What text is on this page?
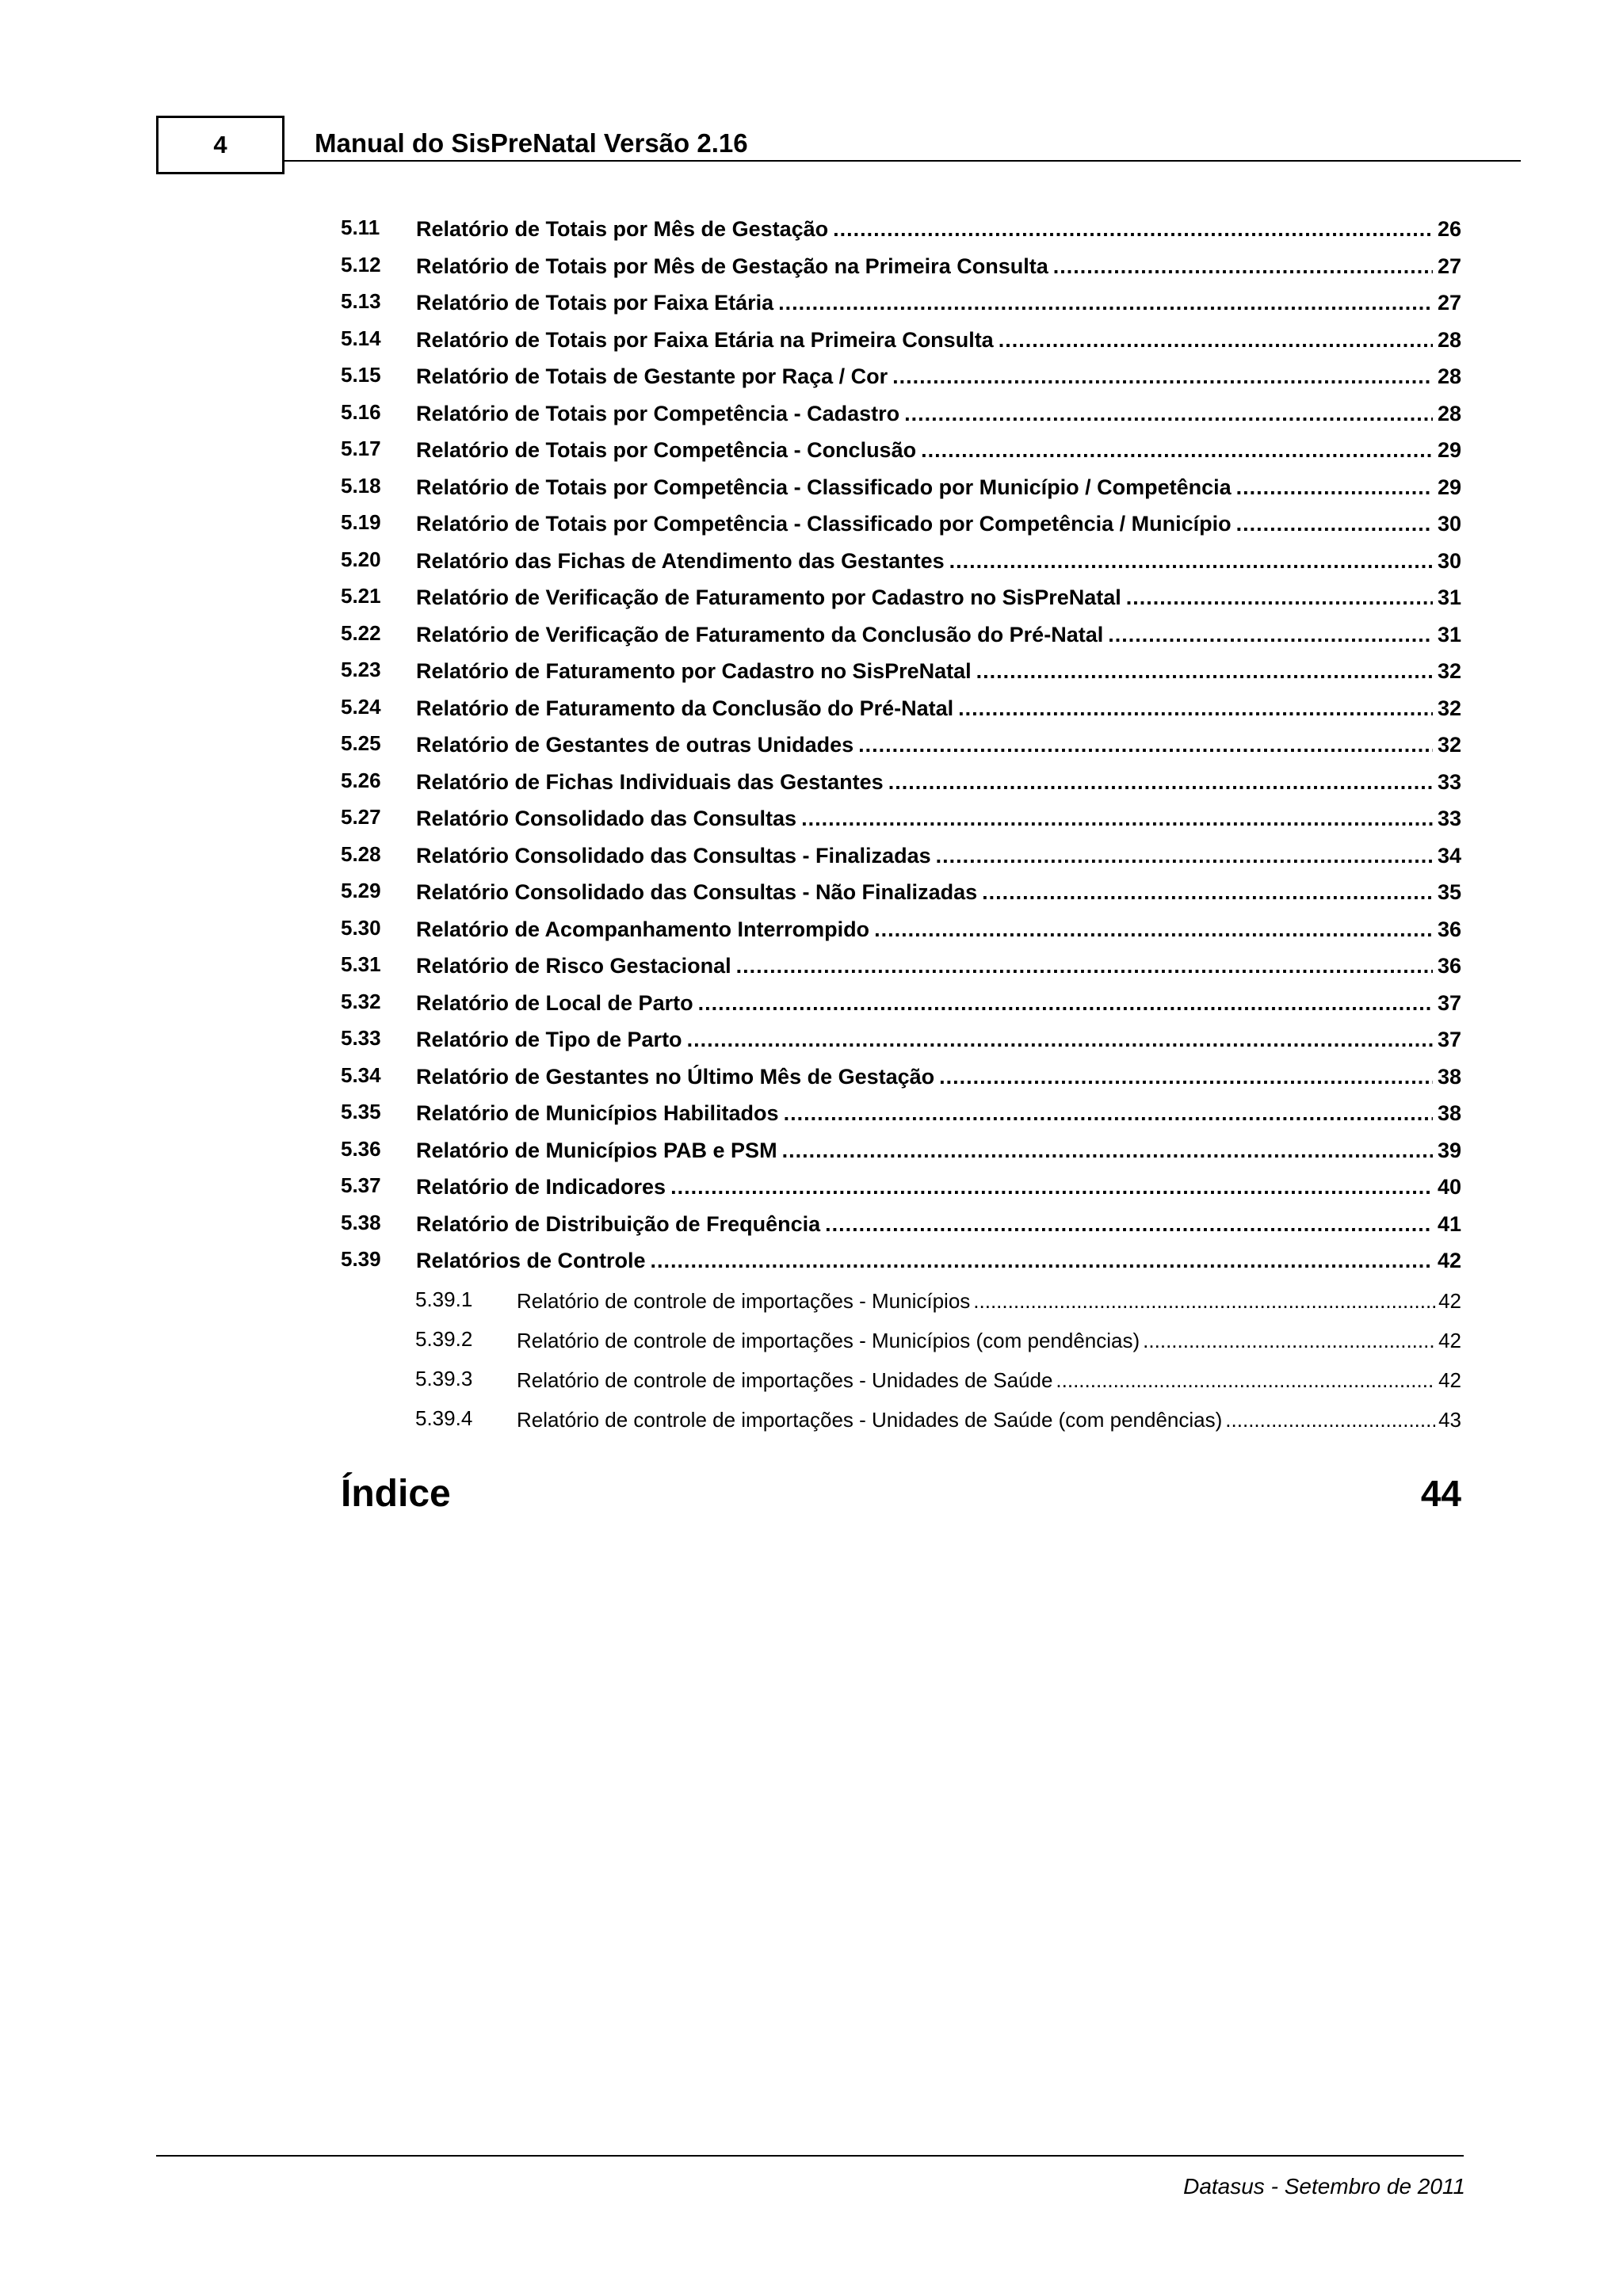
4	Manual do SisPreNatal Versão 2.16
5.11 Relatório de Totais por Mês de Gestação .....	26
5.12 Relatório de Totais por Mês de Gestação na Primeira Consulta .....	27
5.13 Relatório de Totais por Faixa Etária .....	27
5.14 Relatório de Totais por Faixa Etária na Primeira Consulta .....	28
5.15 Relatório de Totais de Gestante por Raça / Cor .....	28
5.16 Relatório de Totais por Competência - Cadastro .....	28
5.17 Relatório de Totais por Competência - Conclusão .....	29
5.18 Relatório de Totais por Competência - Classificado por Município / Competência .....	29
5.19 Relatório de Totais por Competência - Classificado por Competência / Município .....	30
5.20 Relatório das Fichas de Atendimento das Gestantes .....	30
5.21 Relatório de Verificação de Faturamento por Cadastro no SisPreNatal .....	31
5.22 Relatório de Verificação de Faturamento da Conclusão do Pré-Natal .....	31
5.23 Relatório de Faturamento por Cadastro no SisPreNatal .....	32
5.24 Relatório de Faturamento da Conclusão do Pré-Natal .....	32
5.25 Relatório de Gestantes de outras Unidades .....	32
5.26 Relatório de Fichas Individuais das Gestantes .....	33
5.27 Relatório Consolidado das Consultas .....	33
5.28 Relatório Consolidado das Consultas - Finalizadas .....	34
5.29 Relatório Consolidado das Consultas - Não Finalizadas .....	35
5.30 Relatório de Acompanhamento Interrompido .....	36
5.31 Relatório de Risco Gestacional .....	36
5.32 Relatório de Local de Parto .....	37
5.33 Relatório de Tipo de Parto .....	37
5.34 Relatório de Gestantes no Último Mês de Gestação .....	38
5.35 Relatório de Municípios Habilitados .....	38
5.36 Relatório de Municípios PAB e PSM .....	39
5.37 Relatório de Indicadores .....	40
5.38 Relatório de Distribuição de Frequência .....	41
5.39 Relatórios de Controle .....	42
5.39.1 Relatório de controle de importações - Municípios .....	42
5.39.2 Relatório de controle de importações - Municípios (com pendências) .....	42
5.39.3 Relatório de controle de importações - Unidades de Saúde .....	42
5.39.4 Relatório de controle de importações - Unidades de Saúde (com pendências) .....	43
Índice	44
Datasus - Setembro de 2011
